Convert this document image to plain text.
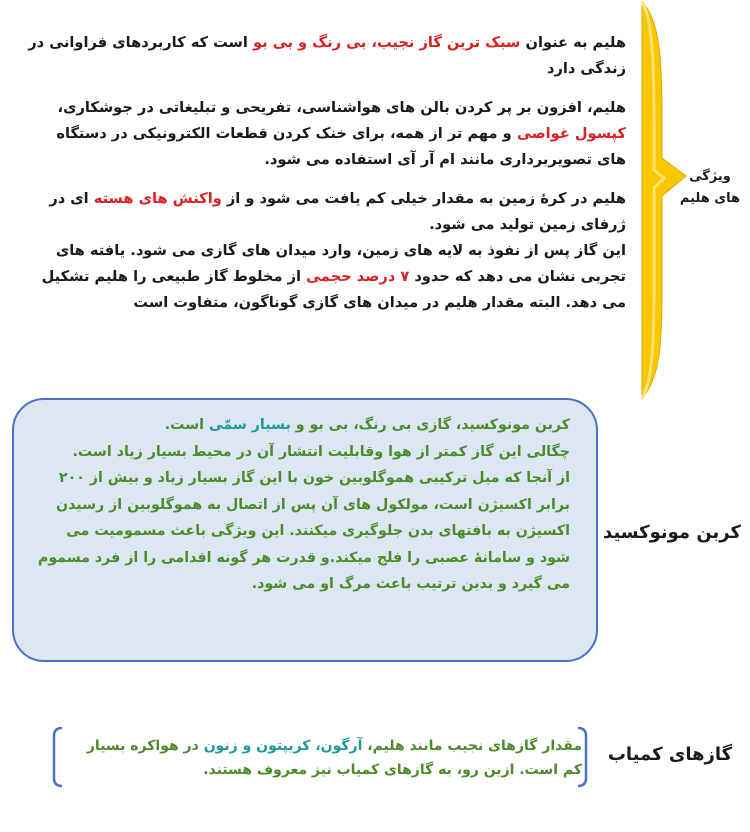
ویژگی های هلیم

هلیم به عنوان سبک ترین گاز نجیب، بی رنگ و بی بو است که کاربردهای فراوانی در زندگی دارد

هلیم، افزون بر پر کردن بالن های هواشناسی، تفریحی و تبلیغاتی در جوشکاری، کپسول غواصی و مهم تر از همه، برای خنک کردن قطعات الکترونیکی در دستگاه های تصویربرداری مانند ام آر آی استفاده می شود.

هلیم در کرهٔ زمین به مقدار خیلی کم یافت می شود و از واکنش های هسته ای در ژرفای زمین تولید می شود.

این گاز پس از نفوذ به لایه های زمین، وارد میدان های گازی می شود. یافته های تجربی نشان می دهد که حدود ۷ درصد حجمی از مخلوط گاز طبیعی را هلیم تشکیل می دهد. البته مقدار هلیم در میدان های گازی گوناگون، متفاوت است

کربن مونوکسید، گازی بی رنگ، بی بو و بسیار سمّی است.

چگالی این گاز کمتر از هوا وقابلیت انتشار آن در محیط بسیار زیاد است.

از آنجا که میل ترکیبی هموگلوبین خون با این گاز بسیار زیاد و بیش از ۲۰۰ برابر اکسیژن است، مولکول های آن پس از اتصال به هموگلوبین از رسیدن اکسیژن به بافتهای بدن جلوگیری میکنند. این ویژگی باعث مسمومیت می شود و سامانهٔ عصبی را فلج میکند.و قدرت هر گونه اقدامی را از فرد مسموم می گیرد و بدین ترتیب باعث مرگ او می شود.

کربن مونوکسید

مقدار گازهای نجیب مانند هلیم، آرگون، کریپتون و زنون در هواکره بسیار کم است. ازین رو، به گازهای کمیاب نیز معروف هستند.

گازهای کمیاب
